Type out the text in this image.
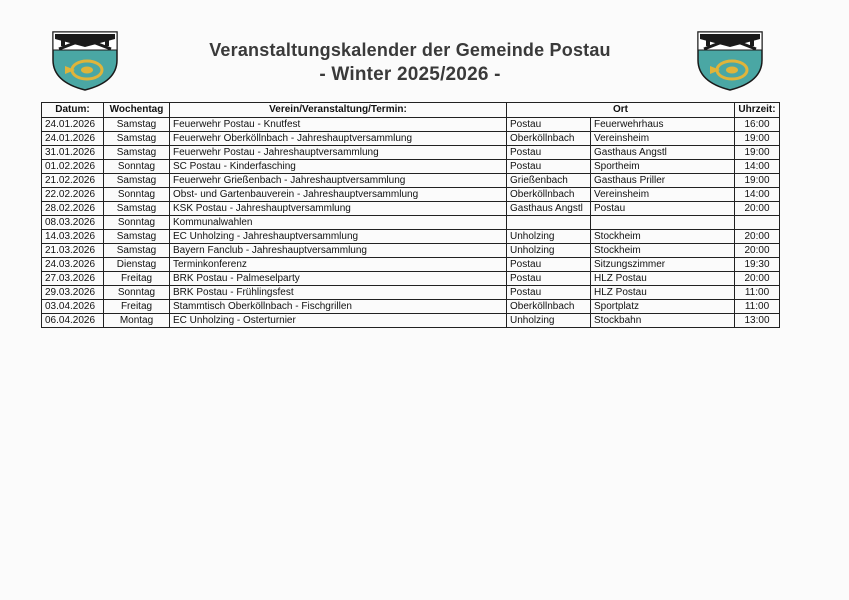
Veranstaltungskalender der Gemeinde Postau
- Winter 2025/2026 -
Datum:	Wochentag	Verein/Veranstaltung/Termin:	Ort		Uhrzeit:
24.01.2026	Samstag	Feuerwehr Postau - Knutfest	Postau	Feuerwehrhaus	16:00
24.01.2026	Samstag	Feuerwehr Oberköllnbach - Jahreshauptversammlung	Oberköllnbach	Vereinsheim	19:00
31.01.2026	Samstag	Feuerwehr Postau - Jahreshauptversammlung	Postau	Gasthaus Angstl	19:00
01.02.2026	Sonntag	SC Postau - Kinderfasching	Postau	Sportheim	14:00
21.02.2026	Samstag	Feuerwehr Grießenbach - Jahreshauptversammlung	Grießenbach	Gasthaus Priller	19:00
22.02.2026	Sonntag	Obst- und Gartenbauverein - Jahreshauptversammlung	Oberköllnbach	Vereinsheim	14:00
28.02.2026	Samstag	KSK Postau - Jahreshauptversammlung	Gasthaus Angstl	Postau	20:00
08.03.2026	Sonntag	Kommunalwahlen			
14.03.2026	Samstag	EC Unholzing - Jahreshauptversammlung	Unholzing	Stockheim	20:00
21.03.2026	Samstag	Bayern Fanclub - Jahreshauptversammlung	Unholzing	Stockheim	20:00
24.03.2026	Dienstag	Terminkonferenz	Postau	Sitzungszimmer	19:30
27.03.2026	Freitag	BRK Postau - Palmeselparty	Postau	HLZ Postau	20:00
29.03.2026	Sonntag	BRK Postau - Frühlingsfest	Postau	HLZ Postau	11:00
03.04.2026	Freitag	Stammtisch Oberköllnbach - Fischgrillen	Oberköllnbach	Sportplatz	11:00
06.04.2026	Montag	EC Unholzing - Osterturnier	Unholzing	Stockbahn	13:00
